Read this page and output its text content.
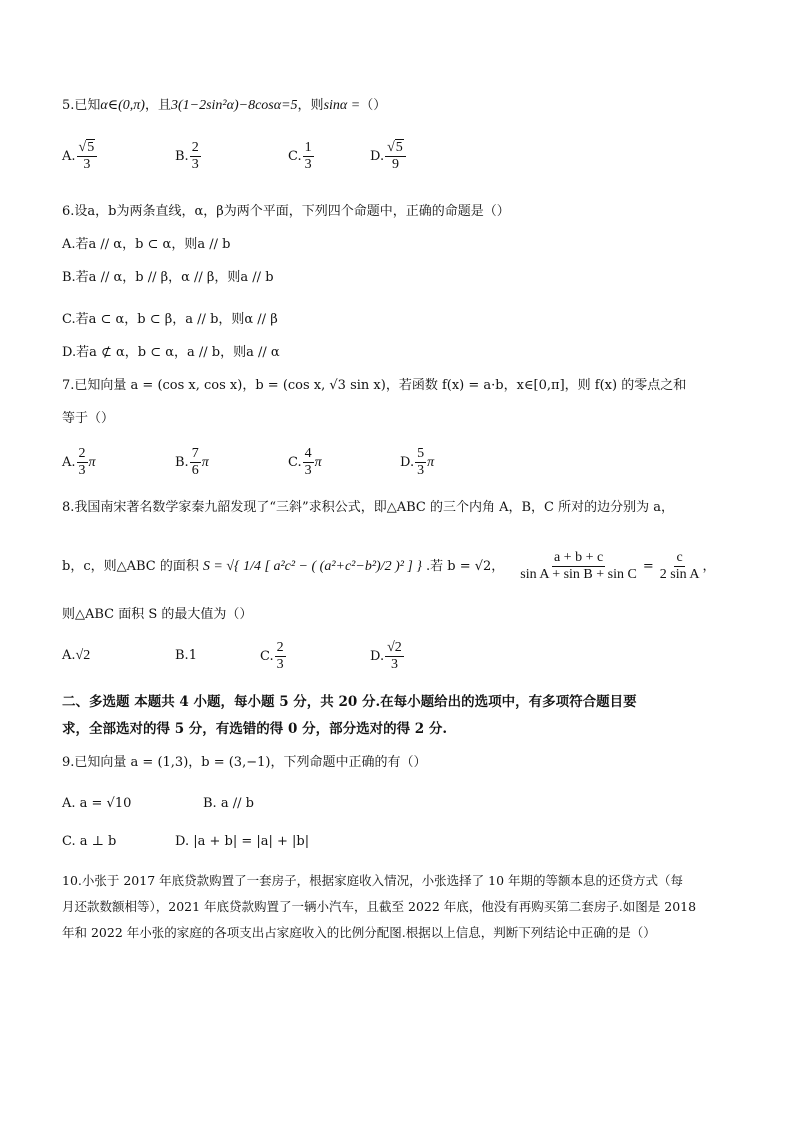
5.已知α∈(0,π)，且3(1−2sin²α)−8cosα=5，则sinα =（）
A. $\frac{√5}{3}$	B. $\frac{2}{3}$	C. $\frac{1}{3}$	D. $\frac{√5}{9}$
6.设a，b为两条直线，α，β为两个平面，下列四个命题中，正确的命题是（）
A.若a // α，b ⊂ α，则a // b
B.若a // α，b // β，α // β，则a // b
C.若a ⊂ α，b ⊂ β，a // b，则α // β
D.若a ⊄ α，b ⊂ α，a // b，则a // α
7.已知向量 a = (cos x, cos x)，b = (cos x, √3 sin x)，若函数 f(x) = a·b，x∈[0,π]，则 f(x) 的零点之和
等于（）
A. $\frac{2}{3}$ π	B. $\frac{7}{6}$ π	C. $\frac{4}{3}$ π	D. $\frac{5}{3}$ π
8.我国南宋著名数学家秦九韶发现了“三斜”求积公式，即△ABC 的三个内角 A，B，C 所对的边分别为 a，
b，c，则△ABC 的面积 S = √{ 1/4 [ a²c² − ( (a²+c²−b²)/2 )² ] } .若 b = √2， $\frac{a + b + c}{\text{sin A + sin B + sin C}} = \frac{c}{\text{2 sin A}}$ ，
则△ABC 面积 S 的最大值为（）
A.√2	B.1	C. $\frac{2}{3}$	D. $\frac{√2}{3}$
二、多选题 本题共 4 小题，每小题 5 分，共 20 分.在每小题给出的选项中，有多项符合题目要
求，全部选对的得 5 分，有选错的得 0 分，部分选对的得 2 分.
9.已知向量 a = (1,3)，b = (3,−1)，下列命题中正确的有（）
A. a = √10	B. a // b
C. a ⊥ b	D. |a + b| = |a| + |b|
10.小张于 2017 年底贷款购置了一套房子，根据家庭收入情况，小张选择了 10 年期的等额本息的还贷方式（每
月还款数额相等），2021 年底贷款购置了一辆小汽车，且截至 2022 年底，他没有再购买第二套房子.如图是 2018
年和 2022 年小张的家庭的各项支出占家庭收入的比例分配图.根据以上信息，判断下列结论中正确的是（）
